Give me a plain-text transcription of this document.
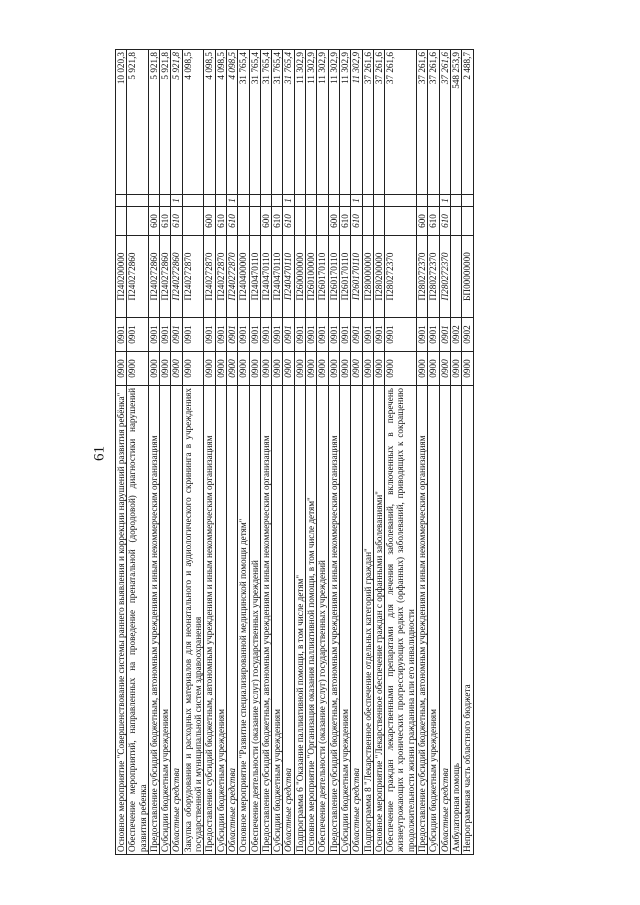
61 Основное мероприятие "Совершенствование системы раннего выявления и коррекции нарушений развития ребёнка"	0900	0901	П240200000			10 020,3
Обеспечение мероприятий, направленных на проведение пренатальной (дородовой) диагностики нарушений развития ребенка	0900	0901	П240272860			5 921,8
Предоставление субсидий бюджетным, автономным учреждениям и иным некоммерческим организациям	0900	0901	П240272860	600		5 921,8
Субсидии бюджетным учреждениям	0900	0901	П240272860	610		5 921,8
Областные средства	0900	0901	П240272860	610	1	5 921,8
Закупка оборудования и расходных материалов для неонатального и аудиологического скрининга в учреждениях государственной и муниципальной систем здравоохранения	0900	0901	П240272870			4 098,5
Предоставление субсидий бюджетным, автономным учреждениям и иным некоммерческим организациям	0900	0901	П240272870	600		4 098,5
Субсидии бюджетным учреждениям	0900	0901	П240272870	610		4 098,5
Областные средства	0900	0901	П240272870	610	1	4 098,5
Основное мероприятие "Развитие специализированной медицинской помощи детям"	0900	0901	П240400000			31 765,4
Обеспечение деятельности (оказание услуг) государственных учреждений	0900	0901	П240470110			31 765,4
Предоставление субсидий бюджетным, автономным учреждениям и иным некоммерческим организациям	0900	0901	П240470110	600		31 765,4
Субсидии бюджетным учреждениям	0900	0901	П240470110	610		31 765,4
Областные средства	0900	0901	П240470110	610	1	31 765,4
Подпрограмма 6 "Оказание паллиативной помощи, в том числе детям"	0900	0901	П260000000			11 302,9
Основное мероприятие "Организация оказания паллиативной помощи, в том числе детям"	0900	0901	П260100000			11 302,9
Обеспечение деятельности (оказание услуг) государственных учреждений	0900	0901	П260170110			11 302,9
Предоставление субсидий бюджетным, автономным учреждениям и иным некоммерческим организациям	0900	0901	П260170110	600		11 302,9
Субсидии бюджетным учреждениям	0900	0901	П260170110	610		11 302,9
Областные средства	0900	0901	П260170110	610	1	11 302,9
Подпрограмма 8 "Лекарственное обеспечение отдельных категорий граждан"	0900	0901	П280000000			37 261,6
Основное мероприятие "Лекарственное обеспечение граждан с орфанными заболеваниями"	0900	0901	П280200000			37 261,6
Обеспечение граждан лекарственными препаратами для лечения заболеваний, включенных в перечень жизнеугрожающих и хронических прогрессирующих редких (орфанных) заболеваний, приводящих к сокращению продолжительности жизни гражданина или его инвалидности	0900	0901	П280272370			37 261,6
Предоставление субсидий бюджетным, автономным учреждениям и иным некоммерческим организациям	0900	0901	П280272370	600		37 261,6
Субсидии бюджетным учреждениям	0900	0901	П280272370	610		37 261,6
Областные средства	0900	0901	П280272370	610	1	37 261,6
Амбулаторная помощь	0900	0902				548 253,9
Непрограммная часть областного бюджета	0900	0902	БП00000000			2 488,7
